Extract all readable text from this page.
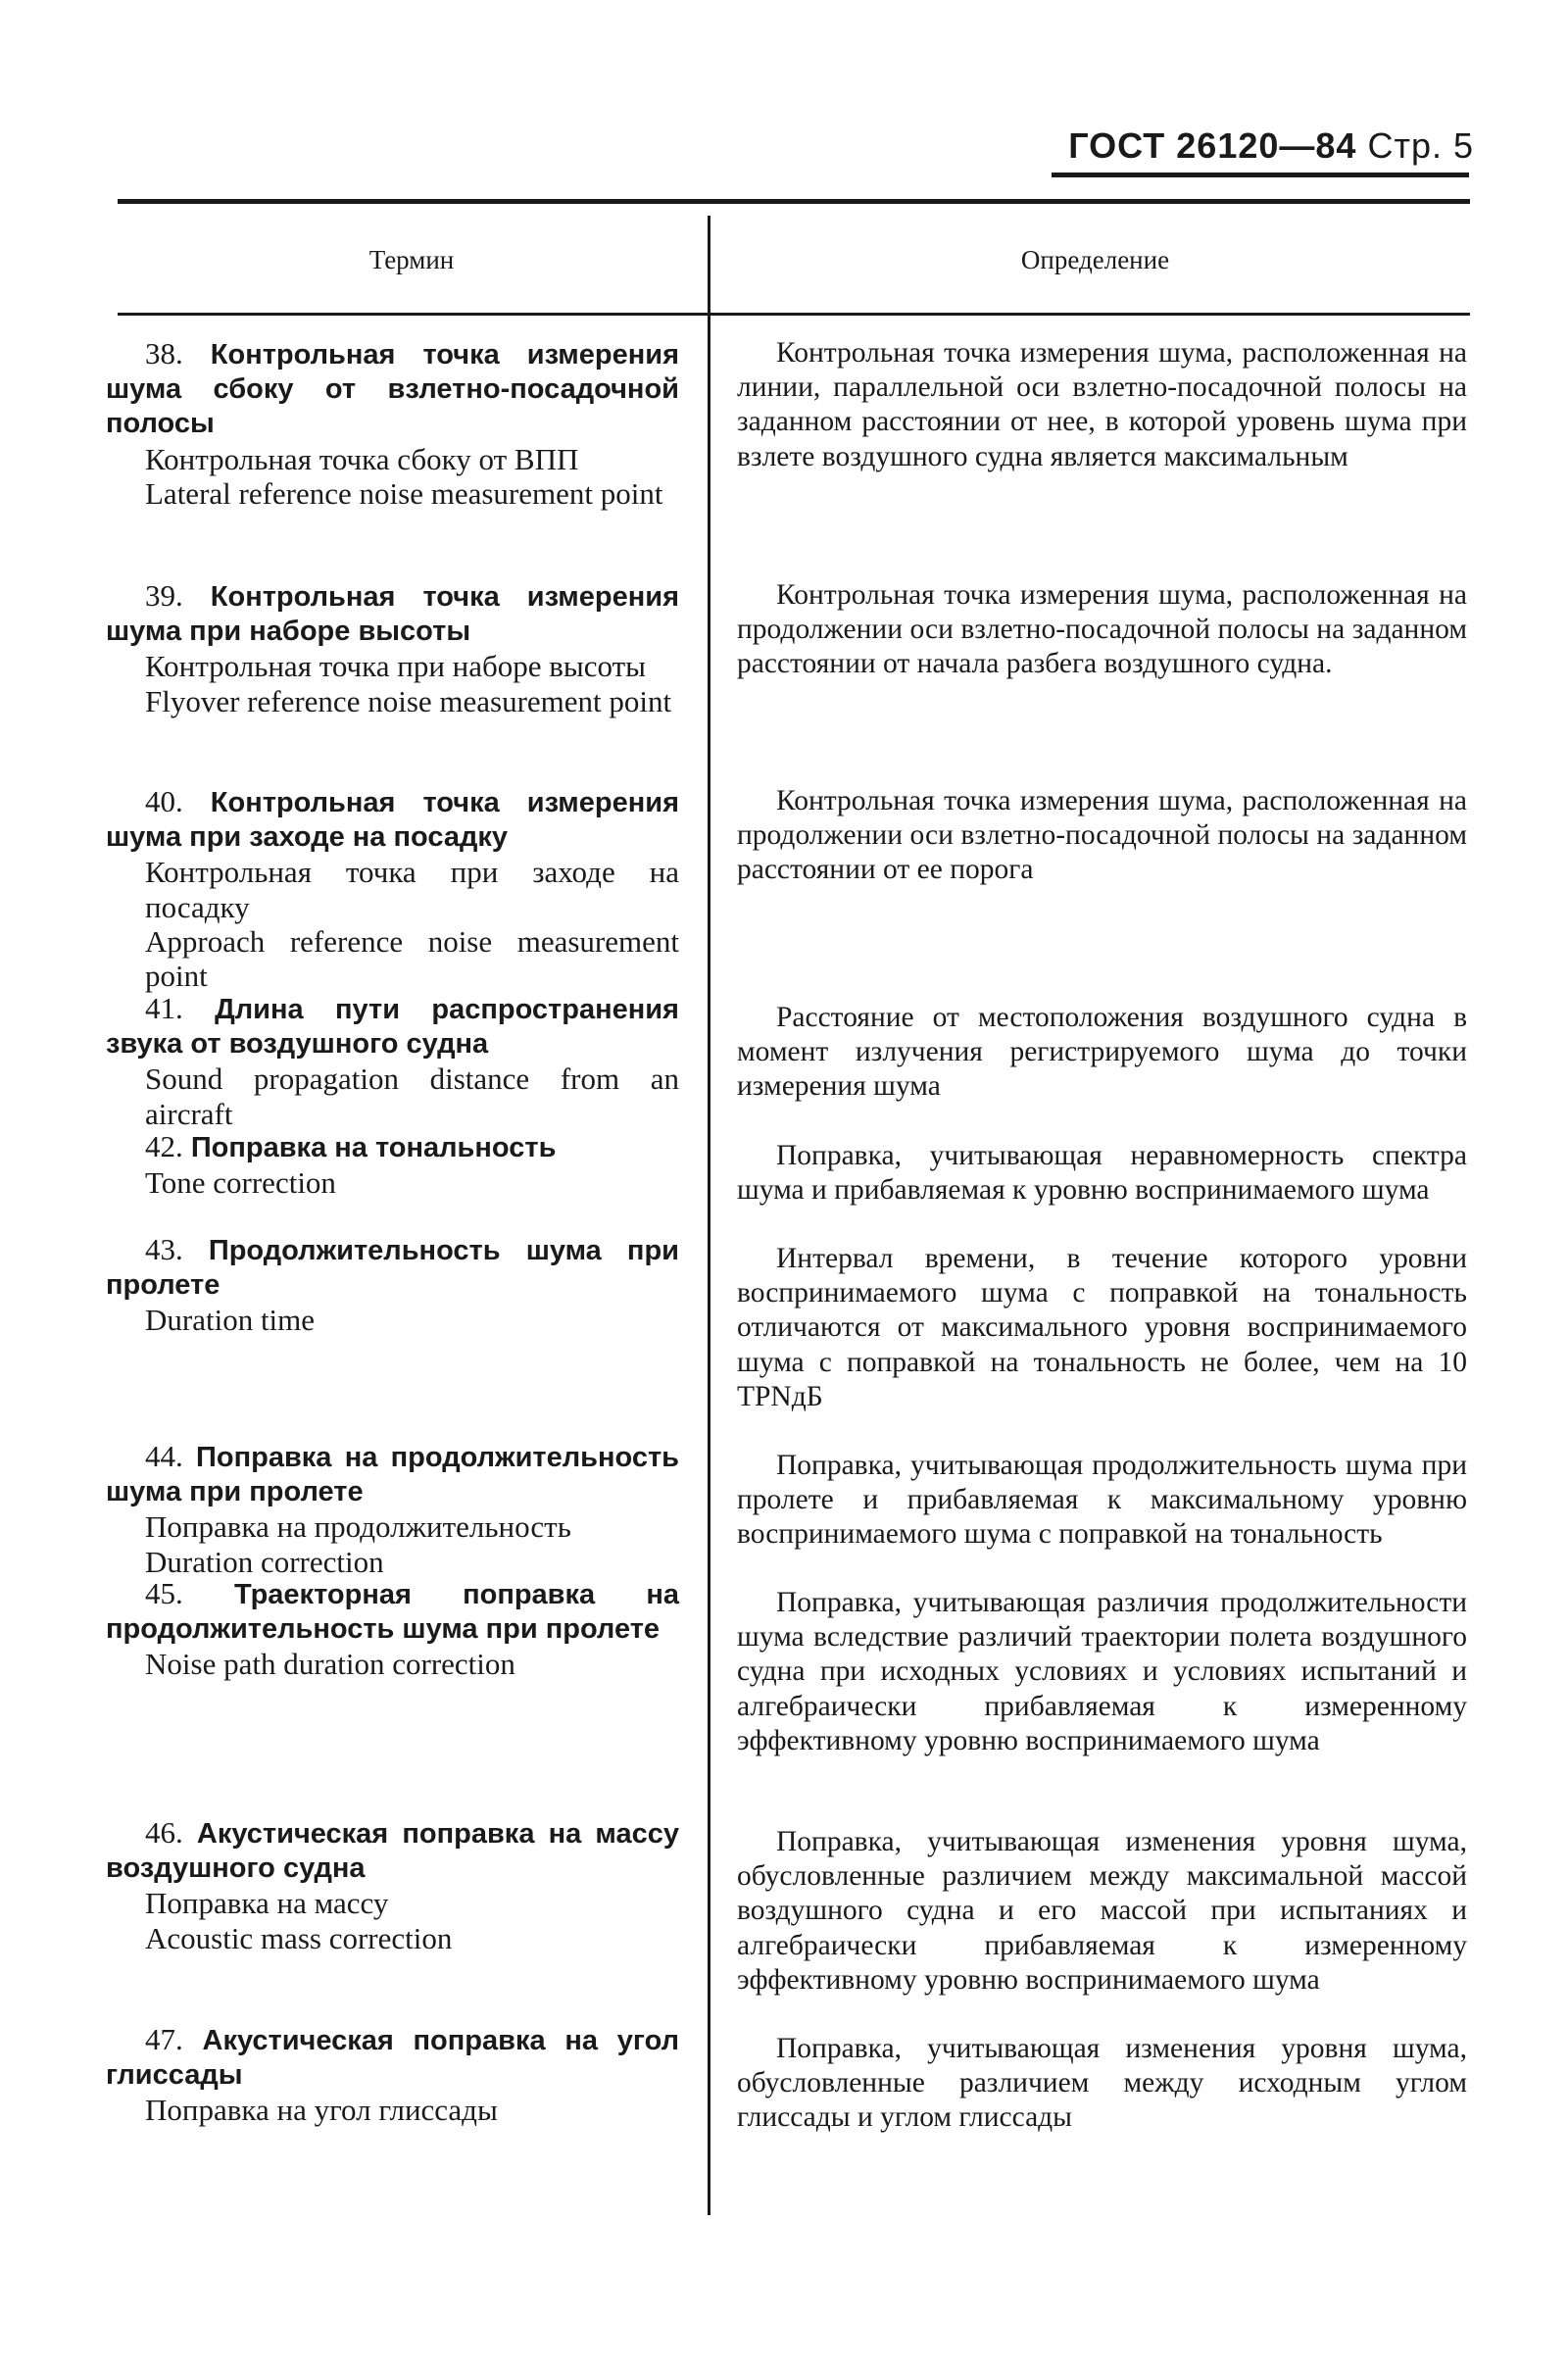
ГОСТ 26120—84 Стр. 5
Термин	Определение
38. Контрольная точка измерения шума сбоку от взлетно-посадочной полосы
Контрольная точка сбоку от ВПП
Lateral reference noise measurement point
Контрольная точка измерения шума, расположенная на линии, параллельной оси взлетно-посадочной полосы на заданном расстоянии от нее, в которой уровень шума при взлете воздушного судна является максимальным
39. Контрольная точка измерения шума при наборе высоты
Контрольная точка при наборе высоты
Flyover reference noise measurement point
Контрольная точка измерения шума, расположенная на продолжении оси взлетно-посадочной полосы на заданном расстоянии от начала разбега воздушного судна.
40. Контрольная точка измерения шума при заходе на посадку
Контрольная точка при заходе на посадку
Approach reference noise measurement point
Контрольная точка измерения шума, расположенная на продолжении оси взлетно-посадочной полосы на заданном расстоянии от ее порога
41. Длина пути распространения звука от воздушного судна
Sound propagation distance from an aircraft
Расстояние от местоположения воздушного судна в момент излучения регистрируемого шума до точки измерения шума
42. Поправка на тональность
Tone correction
Поправка, учитывающая неравномерность спектра шума и прибавляемая к уровню воспринимаемого шума
43. Продолжительность шума при пролете
Duration time
Интервал времени, в течение которого уровни воспринимаемого шума с поправкой на тональность отличаются от максимального уровня воспринимаемого шума с поправкой на тональность не более, чем на 10 TPNдБ
44. Поправка на продолжительность шума при пролете
Поправка на продолжительность
Duration correction
Поправка, учитывающая продолжительность шума при пролете и прибавляемая к максимальному уровню воспринимаемого шума с поправкой на тональность
45. Траекторная поправка на продолжительность шума при пролете
Noise path duration correction
Поправка, учитывающая различия продолжительности шума вследствие различий траектории полета воздушного судна при исходных условиях и условиях испытаний и алгебраически прибавляемая к измеренному эффективному уровню воспринимаемого шума
46. Акустическая поправка на массу воздушного судна
Поправка на массу
Acoustic mass correction
Поправка, учитывающая изменения уровня шума, обусловленные различием между максимальной массой воздушного судна и его массой при испытаниях и алгебраически прибавляемая к измеренному эффективному уровню воспринимаемого шума
47. Акустическая поправка на угол глиссады
Поправка на угол глиссады
Поправка, учитывающая изменения уровня шума, обусловленные различием между исходным углом глиссады и углом глиссады
